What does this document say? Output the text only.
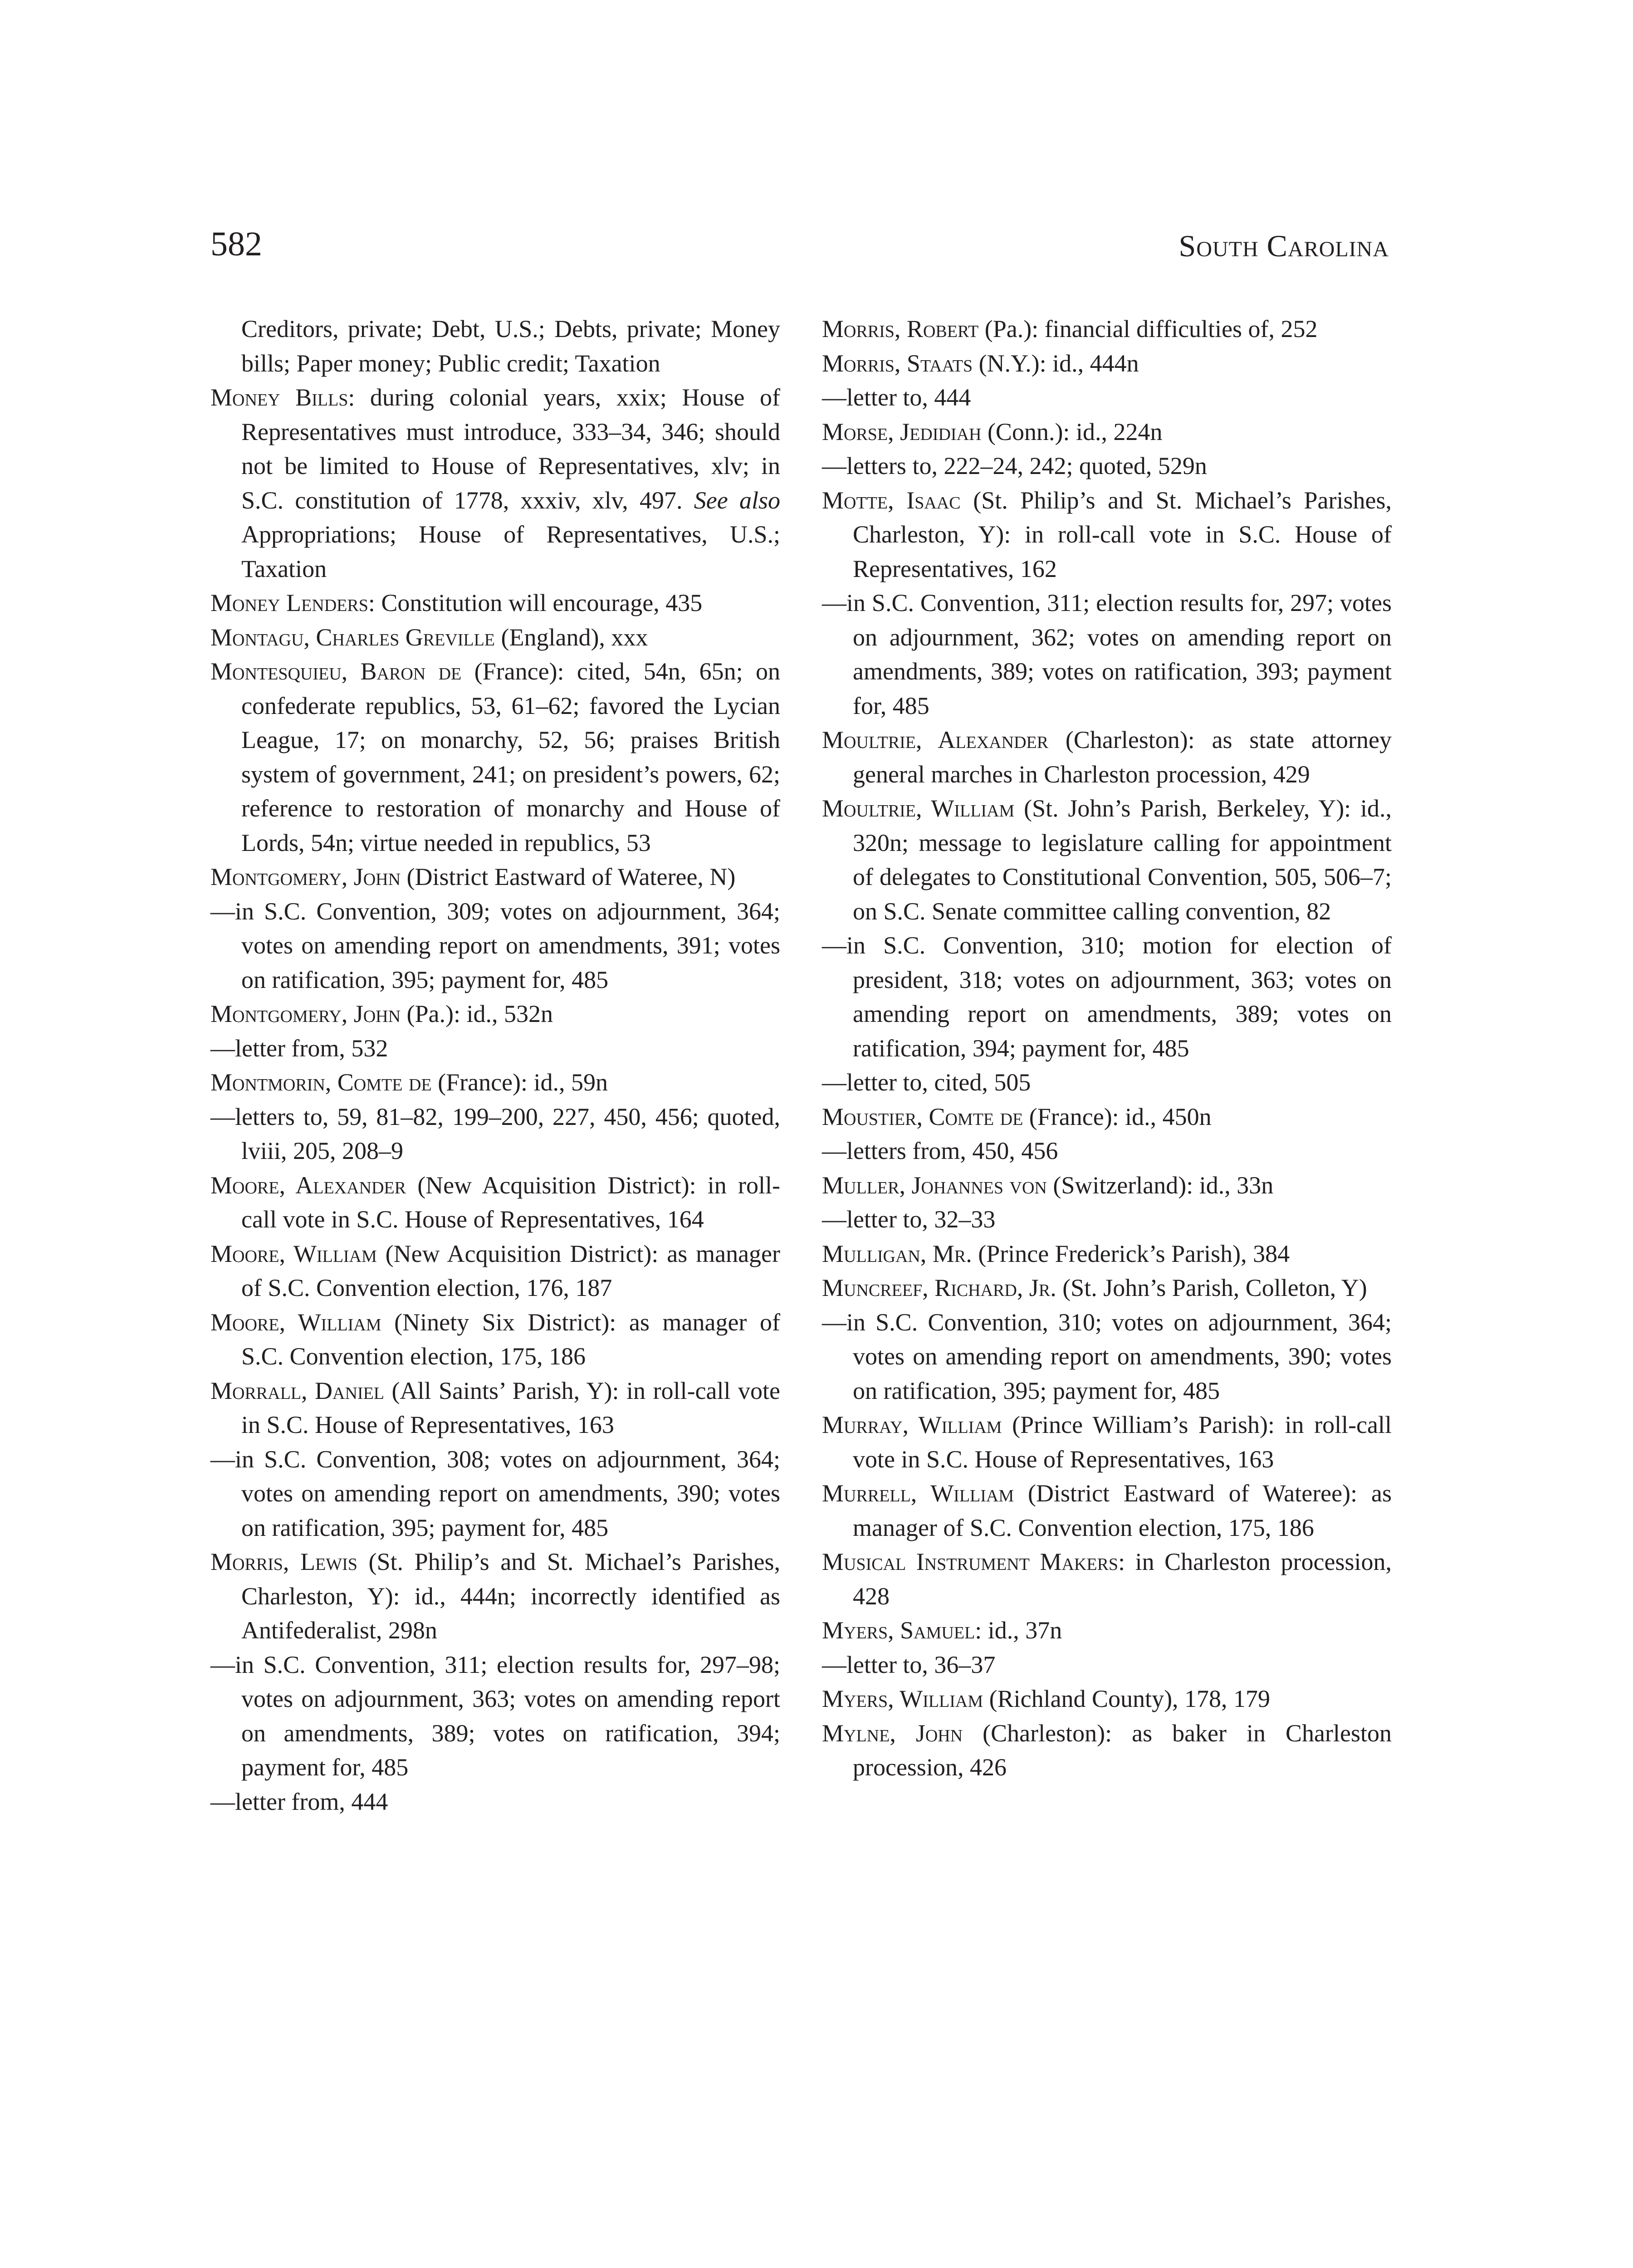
582	South Carolina

Creditors, private; Debt, U.S.; Debts, private; Money bills; Paper money; Public credit; Taxation

Money Bills: during colonial years, xxix; House of Representatives must introduce, 333–34, 346; should not be limited to House of Representatives, xlv; in S.C. constitution of 1778, xxxiv, xlv, 497. See also Appropriations; House of Representatives, U.S.; Taxation

Money Lenders: Constitution will encourage, 435

Montagu, Charles Greville (England), xxx

Montesquieu, Baron de (France): cited, 54n, 65n; on confederate republics, 53, 61–62; favored the Lycian League, 17; on monarchy, 52, 56; praises British system of government, 241; on president’s powers, 62; reference to restoration of monarchy and House of Lords, 54n; virtue needed in republics, 53

Montgomery, John (District Eastward of Wateree, N)

—in S.C. Convention, 309; votes on adjournment, 364; votes on amending report on amendments, 391; votes on ratification, 395; payment for, 485

Montgomery, John (Pa.): id., 532n

—letter from, 532

Montmorin, Comte de (France): id., 59n

—letters to, 59, 81–82, 199–200, 227, 450, 456; quoted, lviii, 205, 208–9

Moore, Alexander (New Acquisition District): in roll-call vote in S.C. House of Representatives, 164

Moore, William (New Acquisition District): as manager of S.C. Convention election, 176, 187

Moore, William (Ninety Six District): as manager of S.C. Convention election, 175, 186

Morrall, Daniel (All Saints’ Parish, Y): in roll-call vote in S.C. House of Representatives, 163

—in S.C. Convention, 308; votes on adjournment, 364; votes on amending report on amendments, 390; votes on ratification, 395; payment for, 485

Morris, Lewis (St. Philip’s and St. Michael’s Parishes, Charleston, Y): id., 444n; incorrectly identified as Antifederalist, 298n

—in S.C. Convention, 311; election results for, 297–98; votes on adjournment, 363; votes on amending report on amendments, 389; votes on ratification, 394; payment for, 485

—letter from, 444

Morris, Robert (Pa.): financial difficulties of, 252

Morris, Staats (N.Y.): id., 444n

—letter to, 444

Morse, Jedidiah (Conn.): id., 224n

—letters to, 222–24, 242; quoted, 529n

Motte, Isaac (St. Philip’s and St. Michael’s Parishes, Charleston, Y): in roll-call vote in S.C. House of Representatives, 162

—in S.C. Convention, 311; election results for, 297; votes on adjournment, 362; votes on amending report on amendments, 389; votes on ratification, 393; payment for, 485

Moultrie, Alexander (Charleston): as state attorney general marches in Charleston procession, 429

Moultrie, William (St. John’s Parish, Berkeley, Y): id., 320n; message to legislature calling for appointment of delegates to Constitutional Convention, 505, 506–7; on S.C. Senate committee calling convention, 82

—in S.C. Convention, 310; motion for election of president, 318; votes on adjournment, 363; votes on amending report on amendments, 389; votes on ratification, 394; payment for, 485

—letter to, cited, 505

Moustier, Comte de (France): id., 450n

—letters from, 450, 456

Muller, Johannes von (Switzerland): id., 33n

—letter to, 32–33

Mulligan, Mr. (Prince Frederick’s Parish), 384

Muncreef, Richard, Jr. (St. John’s Parish, Colleton, Y)

—in S.C. Convention, 310; votes on adjournment, 364; votes on amending report on amendments, 390; votes on ratification, 395; payment for, 485

Murray, William (Prince William’s Parish): in roll-call vote in S.C. House of Representatives, 163

Murrell, William (District Eastward of Wateree): as manager of S.C. Convention election, 175, 186

Musical Instrument Makers: in Charleston procession, 428

Myers, Samuel: id., 37n

—letter to, 36–37

Myers, William (Richland County), 178, 179

Mylne, John (Charleston): as baker in Charleston procession, 426
